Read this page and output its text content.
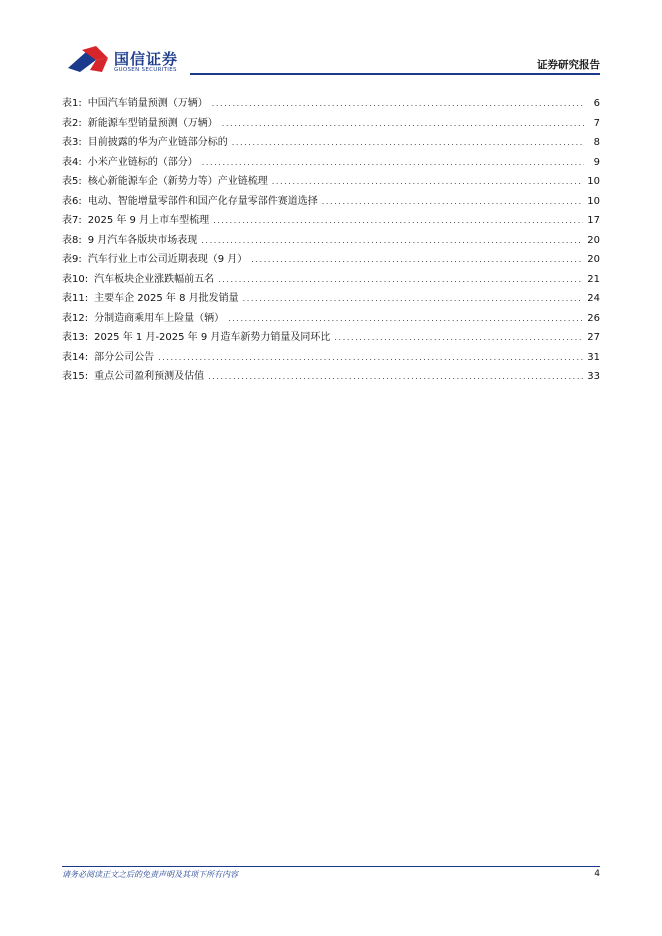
国信证券
GUOSEN SECURITIES	证券研究报告
表1: 中国汽车销量预测（万辆） .....	6
表2: 新能源车型销量预测（万辆） .....	7
表3: 目前披露的华为产业链部分标的 .....	8
表4: 小米产业链标的（部分） .....	9
表5: 核心新能源车企（新势力等）产业链梳理 .....	10
表6: 电动、智能增量零部件和国产化存量零部件赛道选择 .....	10
表7: 2025 年 9 月上市车型梳理 .....	17
表8: 9 月汽车各版块市场表现 .....	20
表9: 汽车行业上市公司近期表现（9 月） .....	20
表10: 汽车板块企业涨跌幅前五名 .....	21
表11: 主要车企 2025 年 8 月批发销量 .....	24
表12: 分制造商乘用车上险量（辆） .....	26
表13: 2025 年 1 月-2025 年 9 月造车新势力销量及同环比 .....	27
表14: 部分公司公告 .....	31
表15: 重点公司盈利预测及估值 .....	33
请务必阅读正文之后的免责声明及其项下所有内容	4
